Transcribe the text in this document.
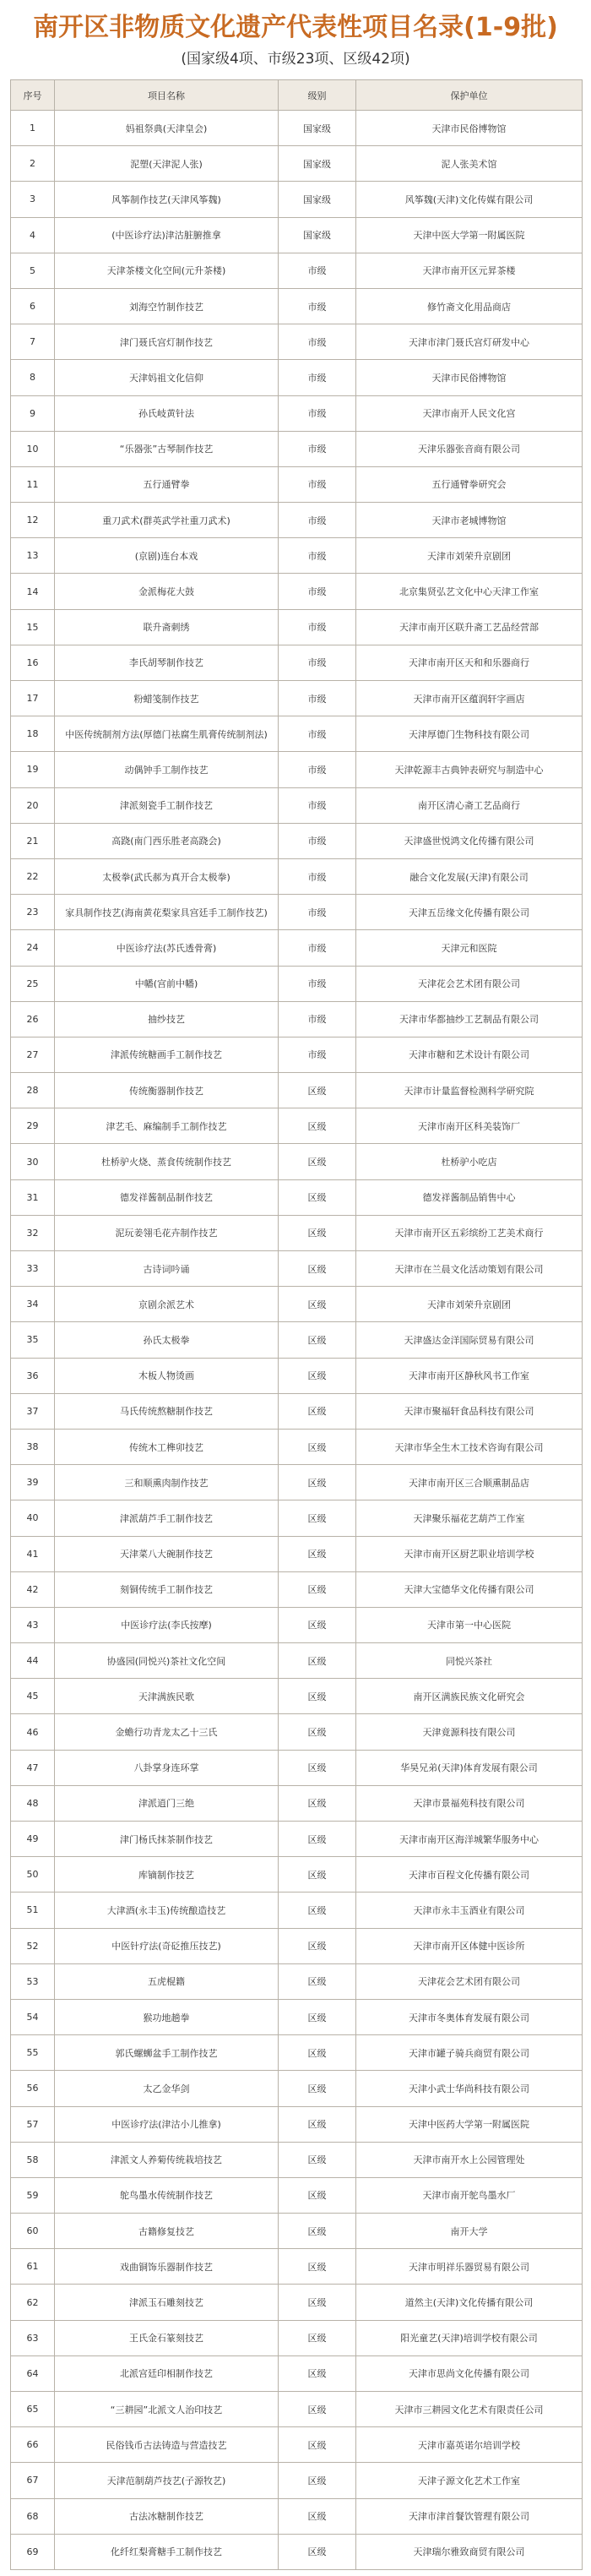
南开区非物质文化遗产代表性项目名录(1-9批)
(国家级4项、市级23项、区级42项)
序号	项目名称	级别	保护单位
1	妈祖祭典(天津皇会)	国家级	天津市民俗博物馆
2	泥塑(天津泥人张)	国家级	泥人张美术馆
3	风筝制作技艺(天津风筝魏)	国家级	风筝魏(天津)文化传媒有限公司
4	(中医诊疗法)津沽脏腑推拿	国家级	天津中医大学第一附属医院
5	天津茶楼文化空间(元升茶楼)	市级	天津市南开区元昇茶楼
6	刘海空竹制作技艺	市级	修竹斋文化用品商店
7	津门聂氏宫灯制作技艺	市级	天津市津门聂氏宫灯研发中心
8	天津妈祖文化信仰	市级	天津市民俗博物馆
9	孙氏岐黄针法	市级	天津市南开人民文化宫
10	“乐器张”古琴制作技艺	市级	天津乐器张音商有限公司
11	五行通臂拳	市级	五行通臂拳研究会
12	重刀武术(群英武学社重刀武术)	市级	天津市老城博物馆
13	(京剧)连台本戏	市级	天津市刘荣升京剧团
14	金派梅花大鼓	市级	北京集贤弘艺文化中心天津工作室
15	联升斋刺绣	市级	天津市南开区联升斋工艺品经营部
16	李氏胡琴制作技艺	市级	天津市南开区天和和乐器商行
17	粉蜡笺制作技艺	市级	天津市南开区蕴润轩字画店
18	中医传统制剂方法(厚德门祛腐生肌膏传统制剂法)	市级	天津厚德门生物科技有限公司
19	动偶钟手工制作技艺	市级	天津乾源丰古典钟表研究与制造中心
20	津派刻瓷手工制作技艺	市级	南开区清心斋工艺品商行
21	高跷(南门西乐胜老高跷会)	市级	天津盛世悦鸿文化传播有限公司
22	太极拳(武氏郝为真开合太极拳)	市级	融合文化发展(天津)有限公司
23	家具制作技艺(海南黄花梨家具宫廷手工制作技艺)	市级	天津五岳缘文化传播有限公司
24	中医诊疗法(苏氏透骨膏)	市级	天津元和医院
25	中幡(宫前中幡)	市级	天津花会艺术团有限公司
26	抽纱技艺	市级	天津市华都抽纱工艺制品有限公司
27	津派传统糖画手工制作技艺	市级	天津市糖和艺术设计有限公司
28	传统衡器制作技艺	区级	天津市计量监督检测科学研究院
29	津艺毛、麻编制手工制作技艺	区级	天津市南开区科美装饰厂
30	杜桥驴火烧、蒸食传统制作技艺	区级	杜桥驴小吃店
31	德发祥酱制品制作技艺	区级	德发祥酱制品销售中心
32	泥玩姜翎毛花卉制作技艺	区级	天津市南开区五彩缤纷工艺美术商行
33	古诗词吟诵	区级	天津市在兰晨文化活动策划有限公司
34	京剧余派艺术	区级	天津市刘荣升京剧团
35	孙氏太极拳	区级	天津盛达金洋国际贸易有限公司
36	木板人物烫画	区级	天津市南开区静秋风书工作室
37	马氏传统熬糖制作技艺	区级	天津市聚福轩食品科技有限公司
38	传统木工榫卯技艺	区级	天津市华全生木工技术咨询有限公司
39	三和顺熏肉制作技艺	区级	天津市南开区三合顺熏制品店
40	津派葫芦手工制作技艺	区级	天津聚乐福花艺葫芦工作室
41	天津菜八大碗制作技艺	区级	天津市南开区厨艺职业培训学校
42	刻铜传统手工制作技艺	区级	天津大宝德华文化传播有限公司
43	中医诊疗法(李氏按摩)	区级	天津市第一中心医院
44	协盛园(同悦兴)茶社文化空间	区级	同悦兴茶社
45	天津满族民歌	区级	南开区满族民族文化研究会
46	金蟾行功青龙太乙十三氏	区级	天津竟源科技有限公司
47	八卦掌身连环掌	区级	华昊兄弟(天津)体育发展有限公司
48	津派逍门三绝	区级	天津市景福苑科技有限公司
49	津门杨氏抹茶制作技艺	区级	天津市南开区海洋城繁华服务中心
50	库镝制作技艺	区级	天津市百程文化传播有限公司
51	大津酒(永丰玉)传统酿造技艺	区级	天津市永丰玉酒业有限公司
52	中医针疗法(奇砭推压技艺)	区级	天津市南开区体健中医诊所
53	五虎棍籍	区级	天津花会艺术团有限公司
54	猴功地趟拳	区级	天津市冬奥体育发展有限公司
55	郭氏螺蛳盆手工制作技艺	区级	天津市罐子骑兵商贸有限公司
56	太乙金华剑	区级	天津小武士华尚科技有限公司
57	中医诊疗法(津沽小儿推拿)	区级	天津中医药大学第一附属医院
58	津派文人养菊传统栽培技艺	区级	天津市南开水上公园管理处
59	鸵鸟墨水传统制作技艺	区级	天津市南开鸵鸟墨水厂
60	古籍修复技艺	区级	南开大学
61	戏曲铜饰乐器制作技艺	区级	天津市明祥乐器贸易有限公司
62	津派玉石雕刻技艺	区级	道然主(天津)文化传播有限公司
63	王氏金石篆刻技艺	区级	阳光童艺(天津)培训学校有限公司
64	北派宫廷印相制作技艺	区级	天津市思尚文化传播有限公司
65	“三耕园”北派文人治印技艺	区级	天津市三耕园文化艺术有限责任公司
66	民俗钱币古法铸造与营造技艺	区级	天津市嘉英诺尔培训学校
67	天津范制葫芦技艺(子源牧艺)	区级	天津子源文化艺术工作室
68	古法冰糖制作技艺	区级	天津市津首餐饮管理有限公司
69	化纤红梨膏糖手工制作技艺	区级	天津瑞尔雅致商贸有限公司
